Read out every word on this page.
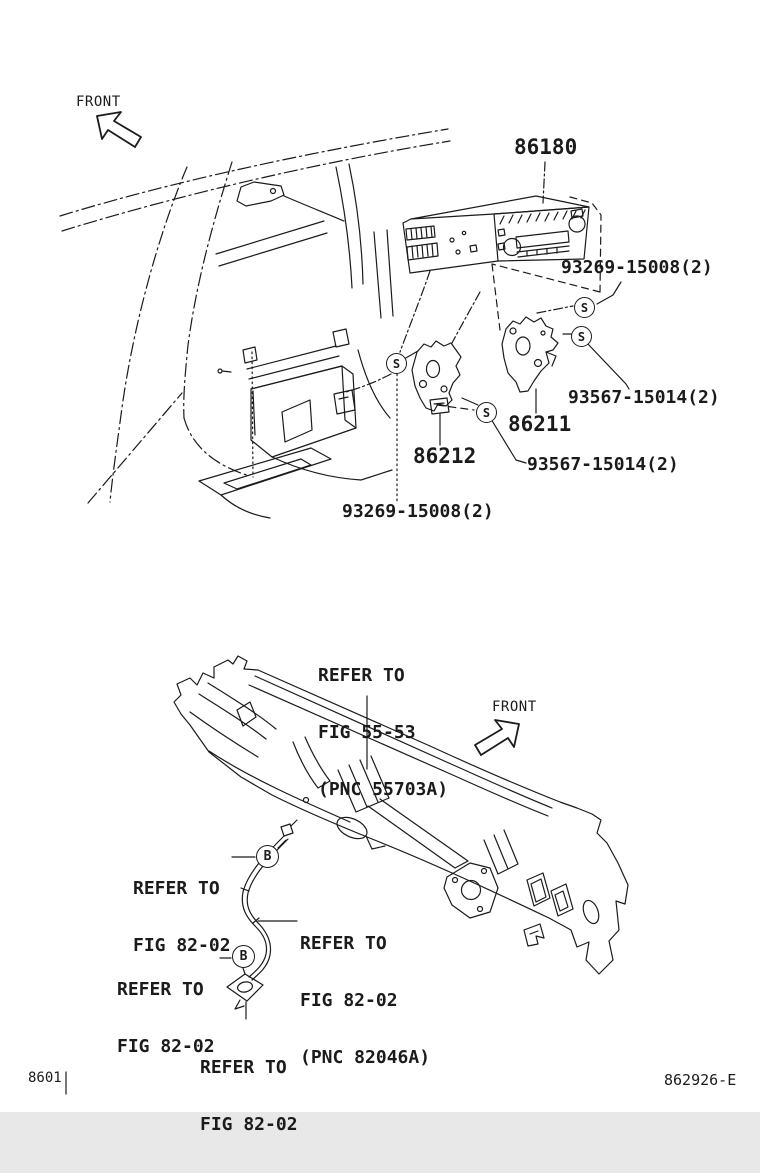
FRONT
86180
93269-15008(2)
93567-15014(2)
86211
86212	93567-15014(2)
93269-15008(2)
S
S
S
S

REFER TO

FIG 55-53

(PNC 55703A)

FRONT

REFER TO

FIG 82-02

	REFER TO

FIG 82-02

(PNC 82046A)

REFER TO

FIG 82-02

REFER TO

FIG 82-02

B
B
8601	862926-E
